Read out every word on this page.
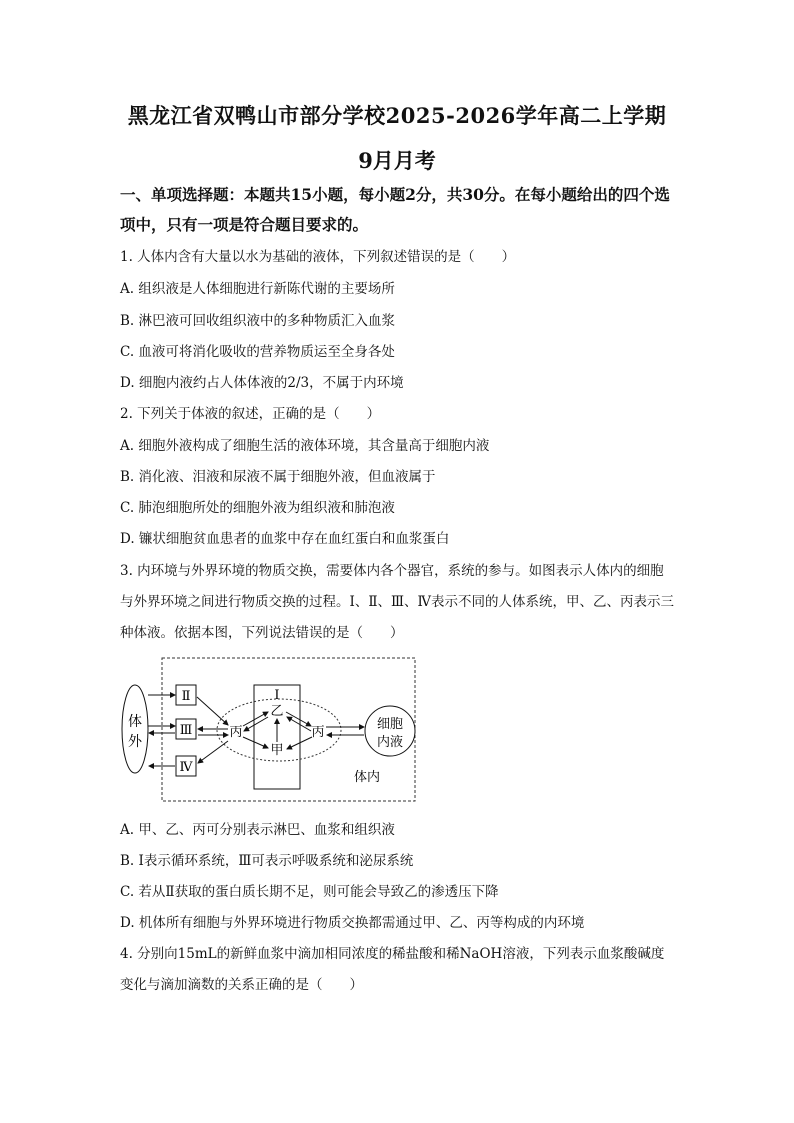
黑龙江省双鸭山市部分学校2025-2026学年高二上学期
9月月考
一、单项选择题：本题共15小题，每小题2分，共30分。在每小题给出的四个选项中，只有一项是符合题目要求的。
1. 人体内含有大量以水为基础的液体，下列叙述错误的是（　　）
A. 组织液是人体细胞进行新陈代谢的主要场所
B. 淋巴液可回收组织液中的多种物质汇入血浆
C. 血液可将消化吸收的营养物质运至全身各处
D. 细胞内液约占人体体液的2/3，不属于内环境
2. 下列关于体液的叙述，正确的是（　　）
A. 细胞外液构成了细胞生活的液体环境，其含量高于细胞内液
B. 消化液、泪液和尿液不属于细胞外液，但血液属于
C. 肺泡细胞所处的细胞外液为组织液和肺泡液
D. 镰状细胞贫血患者的血浆中存在血红蛋白和血浆蛋白
3. 内环境与外界环境的物质交换，需要体内各个器官，系统的参与。如图表示人体内的细胞与外界环境之间进行物质交换的过程。Ⅰ、Ⅱ、Ⅲ、Ⅳ表示不同的人体系统，甲、乙、丙表示三种体液。依据本图，下列说法错误的是（　　）
体
外
Ⅱ
Ⅲ
Ⅳ
Ⅰ
乙
甲
丙	丙
细胞
内液
体内
A. 甲、乙、丙可分别表示淋巴、血浆和组织液
B. Ⅰ表示循环系统，Ⅲ可表示呼吸系统和泌尿系统
C. 若从Ⅱ获取的蛋白质长期不足，则可能会导致乙的渗透压下降
D. 机体所有细胞与外界环境进行物质交换都需通过甲、乙、丙等构成的内环境
4. 分别向15mL的新鲜血浆中滴加相同浓度的稀盐酸和稀NaOH溶液，下列表示血浆酸碱度变化与滴加滴数的关系正确的是（　　）
